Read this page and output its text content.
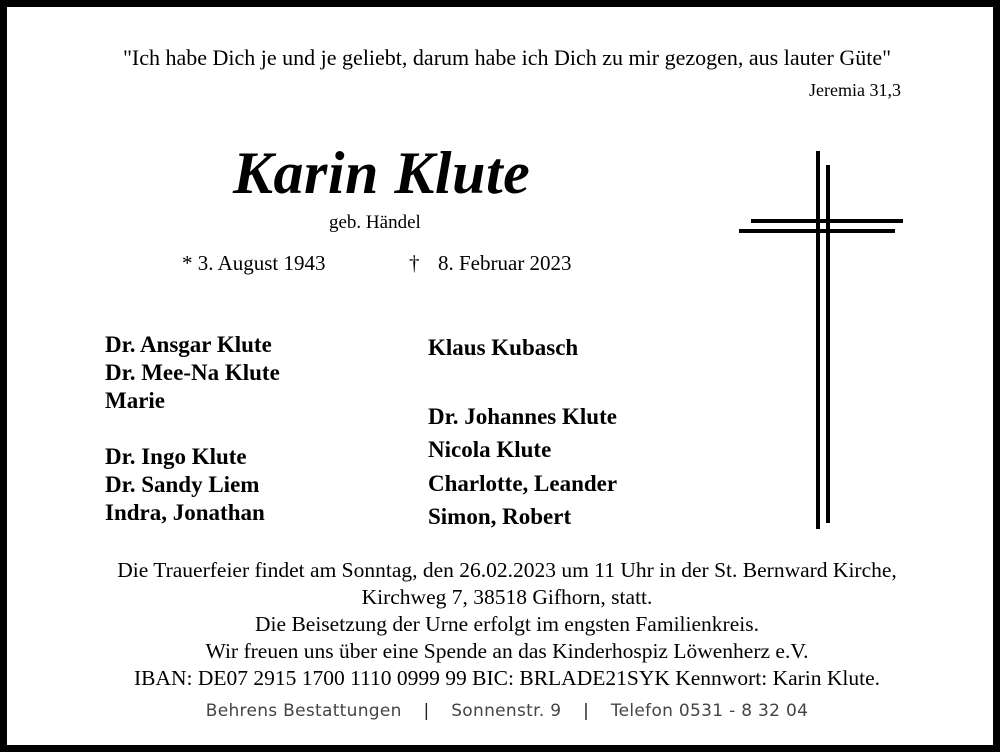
"Ich habe Dich je und je geliebt, darum habe ich Dich zu mir gezogen, aus lauter Güte"
Jeremia 31,3
Karin Klute
geb. Händel
* 3. August 1943	† 8. Februar 2023
Dr. Ansgar Klute
Dr. Mee-Na Klute
Marie
Dr. Ingo Klute
Dr. Sandy Liem
Indra, Jonathan
Klaus Kubasch
Dr. Johannes Klute
Nicola Klute
Charlotte, Leander
Simon, Robert
Die Trauerfeier findet am Sonntag, den 26.02.2023 um 11 Uhr in der St. Bernward Kirche,
Kirchweg 7, 38518 Gifhorn, statt.
Die Beisetzung der Urne erfolgt im engsten Familienkreis.
Wir freuen uns über eine Spende an das Kinderhospiz Löwenherz e.V.
IBAN: DE07 2915 1700 1110 0999 99 BIC: BRLADE21SYK Kennwort: Karin Klute.
Behrens Bestattungen | Sonnenstr. 9 | Telefon 0531 - 8 32 04
